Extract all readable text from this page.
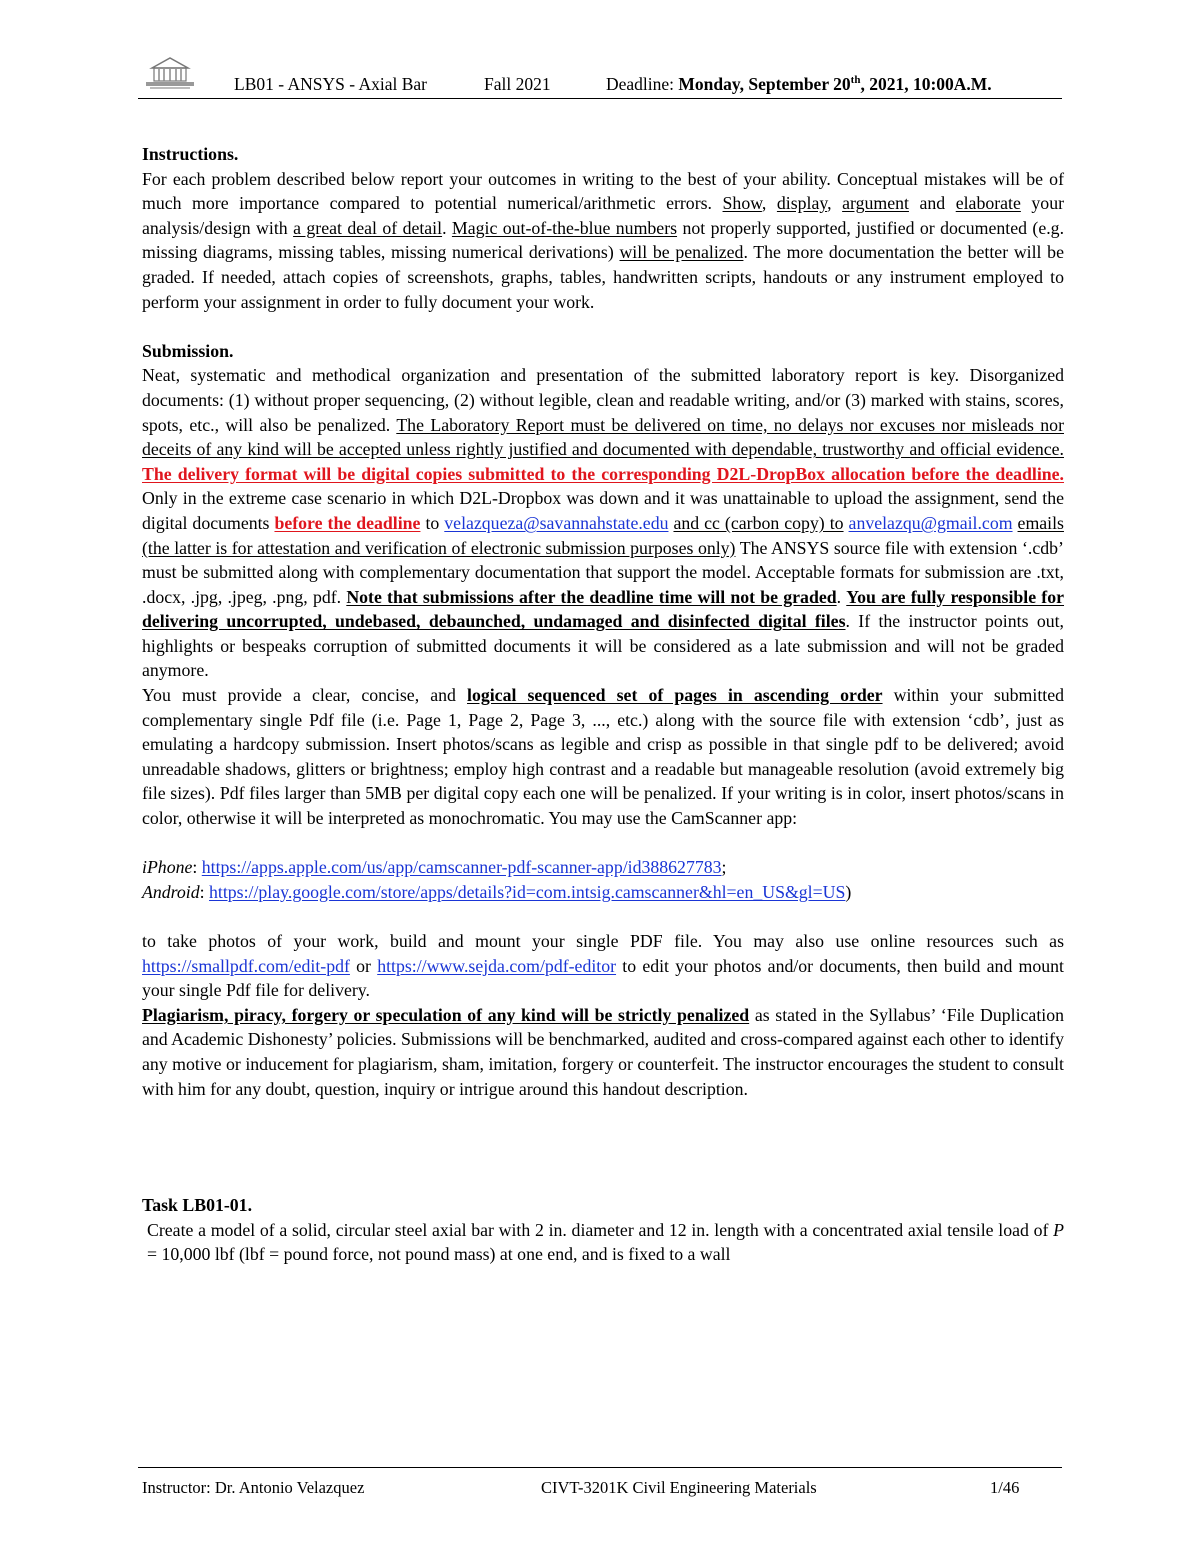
LB01 - ANSYS - Axial Bar	Fall 2021	Deadline: Monday, September 20th, 2021, 10:00A.M.
Instructions.

For each problem described below report your outcomes in writing to the best of your ability. Conceptual mistakes will be of much more importance compared to potential numerical/arithmetic errors. Show, display, argument and elaborate your analysis/design with a great deal of detail. Magic out-of-the-blue numbers not properly supported, justified or documented (e.g. missing diagrams, missing tables, missing numerical derivations) will be penalized. The more documentation the better will be graded. If needed, attach copies of screenshots, graphs, tables, handwritten scripts, handouts or any instrument employed to perform your assignment in order to fully document your work.

Submission.

Neat, systematic and methodical organization and presentation of the submitted laboratory report is key. Disorganized documents: (1) without proper sequencing, (2) without legible, clean and readable writing, and/or (3) marked with stains, scores, spots, etc., will also be penalized. The Laboratory Report must be delivered on time, no delays nor excuses nor misleads nor deceits of any kind will be accepted unless rightly justified and documented with dependable, trustworthy and official evidence. The delivery format will be digital copies submitted to the corresponding D2L-DropBox allocation before the deadline. Only in the extreme case scenario in which D2L-Dropbox was down and it was unattainable to upload the assignment, send the digital documents before the deadline to velazqueza@savannahstate.edu and cc (carbon copy) to anvelazqu@gmail.com emails (the latter is for attestation and verification of electronic submission purposes only) The ANSYS source file with extension ‘.cdb’ must be submitted along with complementary documentation that support the model. Acceptable formats for submission are .txt, .docx, .jpg, .jpeg, .png, pdf. Note that submissions after the deadline time will not be graded. You are fully responsible for delivering uncorrupted, undebased, debaunched, undamaged and disinfected digital files. If the instructor points out, highlights or bespeaks corruption of submitted documents it will be considered as a late submission and will not be graded anymore.

You must provide a clear, concise, and logical sequenced set of pages in ascending order within your submitted complementary single Pdf file (i.e. Page 1, Page 2, Page 3, ..., etc.) along with the source file with extension ‘cdb’, just as emulating a hardcopy submission. Insert photos/scans as legible and crisp as possible in that single pdf to be delivered; avoid unreadable shadows, glitters or brightness; employ high contrast and a readable but manageable resolution (avoid extremely big file sizes). Pdf files larger than 5MB per digital copy each one will be penalized. If your writing is in color, insert photos/scans in color, otherwise it will be interpreted as monochromatic. You may use the CamScanner app:

iPhone: https://apps.apple.com/us/app/camscanner-pdf-scanner-app/id388627783;

Android: https://play.google.com/store/apps/details?id=com.intsig.camscanner&hl=en_US&gl=US)

to take photos of your work, build and mount your single PDF file. You may also use online resources such as https://smallpdf.com/edit-pdf or https://www.sejda.com/pdf-editor to edit your photos and/or documents, then build and mount your single Pdf file for delivery.

Plagiarism, piracy, forgery or speculation of any kind will be strictly penalized as stated in the Syllabus’ ‘File Duplication and Academic Dishonesty’ policies. Submissions will be benchmarked, audited and cross-compared against each other to identify any motive or inducement for plagiarism, sham, imitation, forgery or counterfeit. The instructor encourages the student to consult with him for any doubt, question, inquiry or intrigue around this handout description.

Task LB01-01.

Create a model of a solid, circular steel axial bar with 2 in. diameter and 12 in. length with a concentrated axial tensile load of P = 10,000 lbf (lbf = pound force, not pound mass) at one end, and is fixed to a wall

Instructor: Dr. Antonio Velazquez	CIVT-3201K Civil Engineering Materials	1/46
